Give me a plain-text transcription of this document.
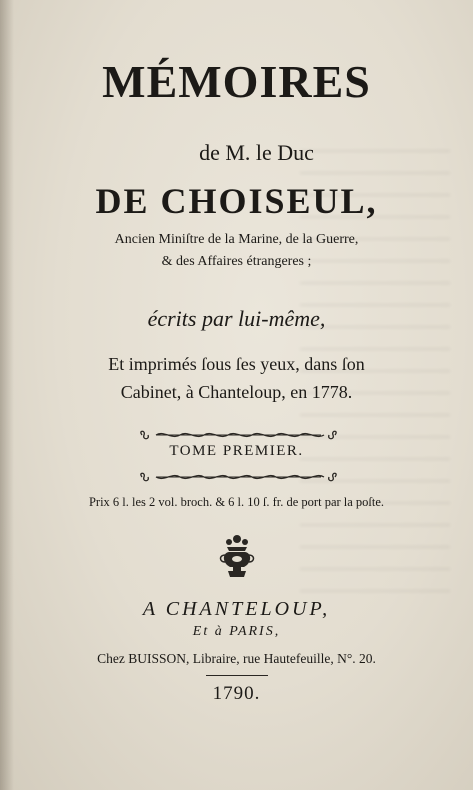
MÉMOIRES
de M. le Duc
DE CHOISEUL,
Ancien Miniſtre de la Marine, de la Guerre,
& des Affaires étrangeres ;
écrits par lui-même,
Et imprimés ſous ſes yeux, dans ſon
Cabinet, à Chanteloup, en 1778.
TOME PREMIER.
Prix 6 l. les 2 vol. broch. & 6 l. 10 ſ. fr. de port par la poſte.
A CHANTELOUP,
Et à PARIS,
Chez BUISSON, Libraire, rue Hautefeuille, N°. 20.
1790.
